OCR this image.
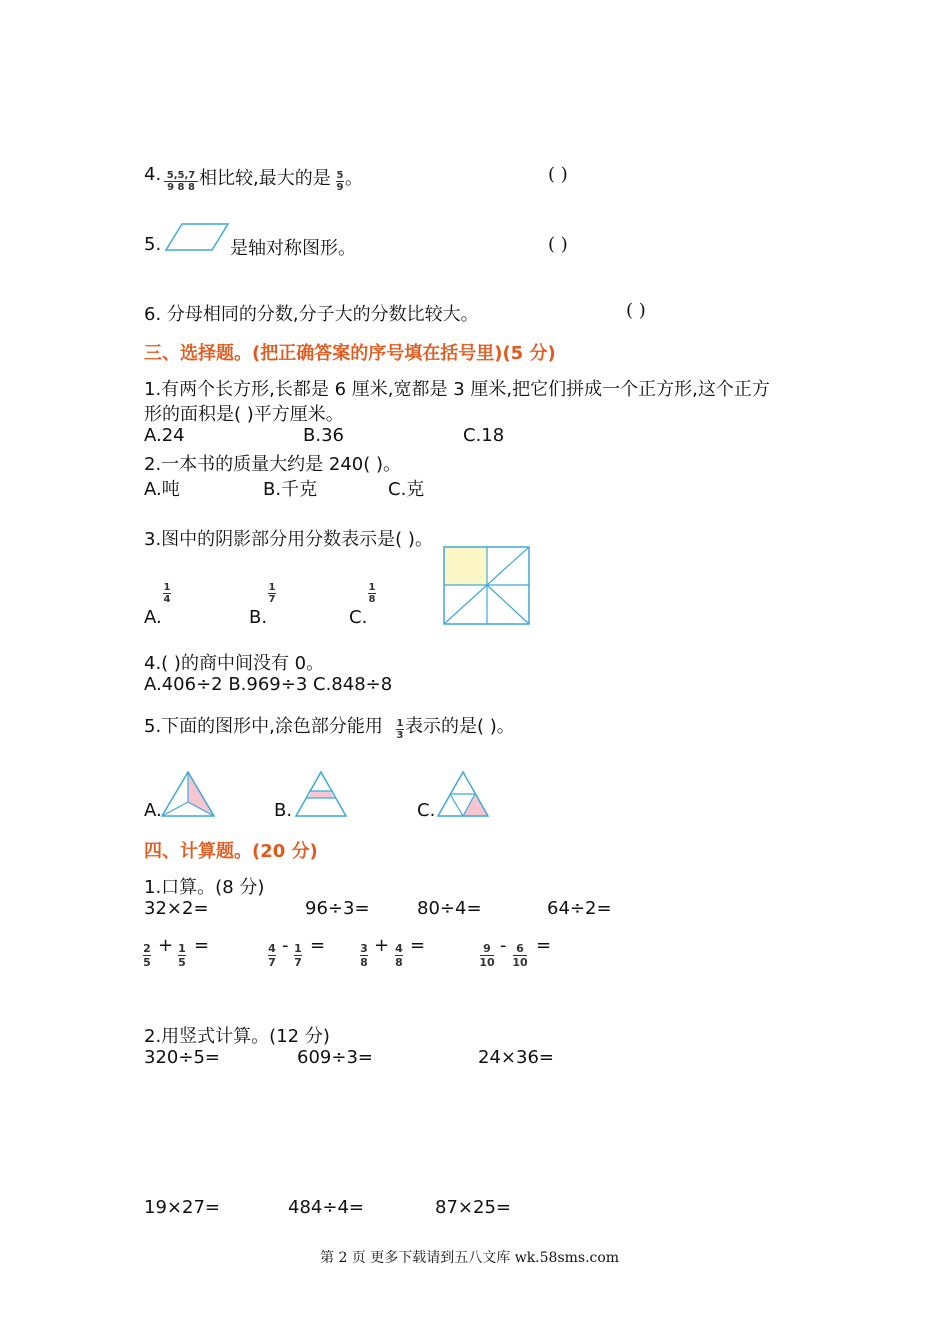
4. 5,5,7
9 8 8 相比较,最大的是 5
9 。	( )
5.	是轴对称图形。	( )
6. 分母相同的分数,分子大的分数比较大。	( )
三、选择题。(把正确答案的序号填在括号里)(5 分)
1.有两个长方形,长都是 6 厘米,宽都是 3 厘米,把它们拼成一个正方形,这个正方
形的面积是( )平方厘米。
A.24	B.36	C.18
2.一本书的质量大约是 240( )。
A.吨	B.千克	C.克
3.图中的阴影部分用分数表示是( )。
A.
1
4
B.
1
7
C.
1
8
4.( )的商中间没有 0。
A.406÷2 B.969÷3 C.848÷8
5.下面的图形中,涂色部分能用 1
3 表示的是( )。
A.	B.	C.
四、计算题。(20 分)
1.口算。(8 分)
32×2=	96÷3=	80÷4=	64÷2=
2
5
+ 1
5
=	4
7
- 1
7
=	3
8
+ 4
8
=	9
10
- 6
10
=
2.用竖式计算。(12 分)
320÷5=	609÷3=	24×36=
19×27=	484÷4=	87×25=
第 2 页 更多下载请到五八文库 wk.58sms.com
